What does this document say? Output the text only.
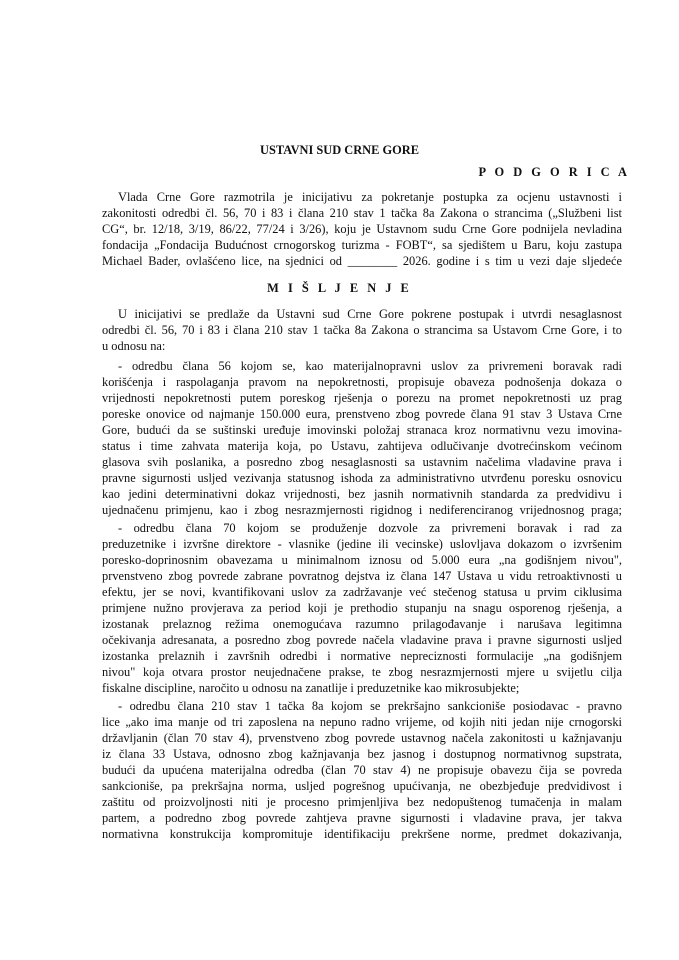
USTAVNI SUD CRNE GORE
P O D G O R I C A
Vlada Crne Gore razmotrila je inicijativu za pokretanje postupka za ocjenu ustavnosti i
zakonitosti odredbi čl. 56, 70 i 83 i člana 210 stav 1 tačka 8a Zakona o strancima („Službeni list
CG“, br. 12/18, 3/19, 86/22, 77/24 i 3/26), koju je Ustavnom sudu Crne Gore podnijela nevladina
fondacija „Fondacija Budućnost crnogorskog turizma - FOBT“, sa sjedištem u Baru, koju zastupa
Michael Bader, ovlašćeno lice, na sjednici od ________ 2026. godine i s tim u vezi daje sljedeće
M I Š L J E N J E
U inicijativi se predlaže da Ustavni sud Crne Gore pokrene postupak i utvrdi nesaglasnost
odredbi čl. 56, 70 i 83 i člana 210 stav 1 tačka 8a Zakona o strancima sa Ustavom Crne Gore, i to
u odnosu na:
- odredbu člana 56 kojom se, kao materijalnopravni uslov za privremeni boravak radi
korišćenja i raspolaganja pravom na nepokretnosti, propisuje obaveza podnošenja dokaza o
vrijednosti nepokretnosti putem poreskog rješenja o porezu na promet nepokretnosti uz prag
poreske onovice od najmanje 150.000 eura, prenstveno zbog povrede člana 91 stav 3 Ustava Crne
Gore, budući da se suštinski uređuje imovinski položaj stranaca kroz normativnu vezu imovina-
status i time zahvata materija koja, po Ustavu, zahtijeva odlučivanje dvotrećinskom većinom
glasova svih poslanika, a posredno zbog nesaglasnosti sa ustavnim načelima vladavine prava i
pravne sigurnosti usljed vezivanja statusnog ishoda za administrativno utvrđenu poresku osnovicu
kao jedini determinativni dokaz vrijednosti, bez jasnih normativnih standarda za predvidivu i
ujednačenu primjenu, kao i zbog nesrazmjernosti rigidnog i nediferenciranog vrijednosnog praga;
- odredbu člana 70 kojom se produženje dozvole za privremeni boravak i rad za
preduzetnike i izvršne direktore - vlasnike (jedine ili vecinske) uslovljava dokazom o izvršenim
poresko-doprinosnim obavezama u minimalnom iznosu od 5.000 eura „na godišnjem nivou",
prvenstveno zbog povrede zabrane povratnog dejstva iz člana 147 Ustava u vidu retroaktivnosti u
efektu, jer se novi, kvantifikovani uslov za zadržavanje već stečenog statusa u prvim ciklusima
primjene nužno provjerava za period koji je prethodio stupanju na snagu osporenog rješenja, a
izostanak prelaznog režima onemogućava razumno prilagođavanje i narušava legitimna
očekivanja adresanata, a posredno zbog povrede načela vladavine prava i pravne sigurnosti usljed
izostanka prelaznih i završnih odredbi i normative nepreciznosti formulacije „na godišnjem
nivou" koja otvara prostor neujednačene prakse, te zbog nesrazmjernosti mjere u svijetlu cilja
fiskalne discipline, naročito u odnosu na zanatlije i preduzetnike kao mikrosubjekte;
- odredbu člana 210 stav 1 tačka 8a kojom se prekršajno sankcioniše posiodavac - pravno
lice „ako ima manje od tri zaposlena na nepuno radno vrijeme, od kojih niti jedan nije crnogorski
državljanin (član 70 stav 4), prvenstveno zbog povrede ustavnog načela zakonitosti u kažnjavanju
iz člana 33 Ustava, odnosno zbog kažnjavanja bez jasnog i dostupnog normativnog supstrata,
budući da upućena materijalna odredba (član 70 stav 4) ne propisuje obavezu čija se povreda
sankcioniše, pa prekršajna norma, usljed pogrešnog upućivanja, ne obezbjeđuje predvidivost i
zaštitu od proizvoljnosti niti je procesno primjenljiva bez nedopuštenog tumačenja in malam
partem, a podredno zbog povrede zahtjeva pravne sigurnosti i vladavine prava, jer takva
normativna konstrukcija kompromituje identifikaciju prekršene norme, predmet dokazivanja,
